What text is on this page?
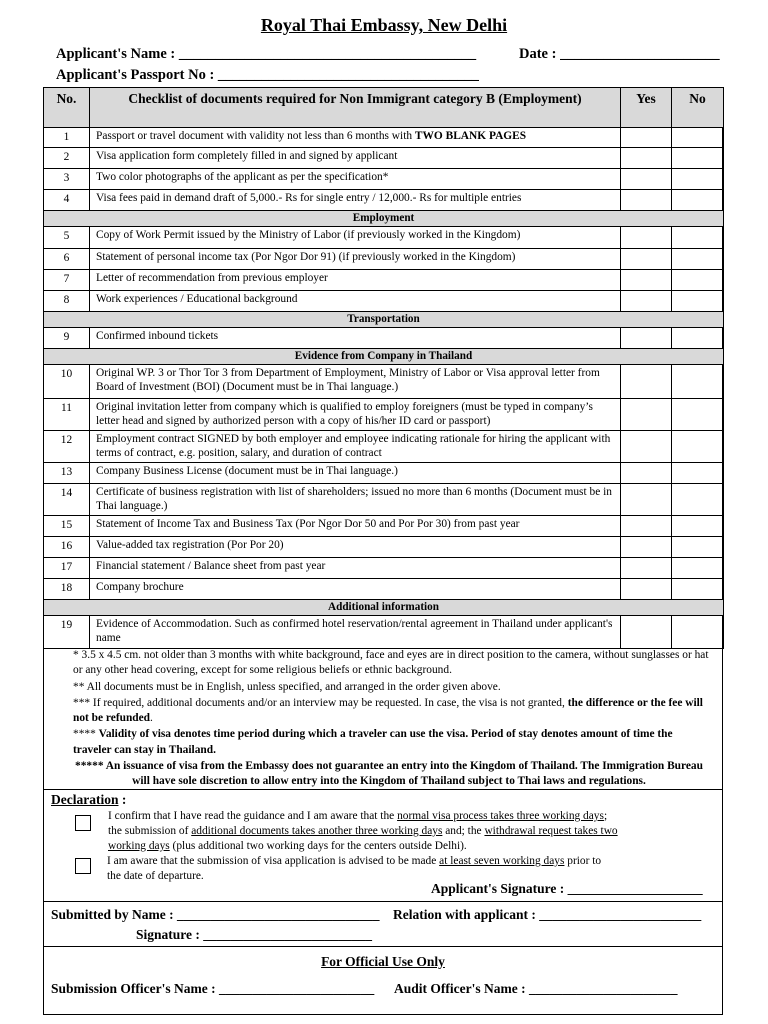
Royal Thai Embassy, New Delhi
Applicant's Name : _________________________________________	Date : ______________________
Applicant's Passport No : ____________________________________
No.	Checklist of documents required for Non Immigrant category B (Employment)	Yes	No
1	Passport or travel document with validity not less than 6 months with TWO BLANK PAGES		
2	Visa application form completely filled in and signed by applicant		
3	Two color photographs of the applicant as per the specification*		
4	Visa fees paid in demand draft of 5,000.- Rs for single entry / 12,000.- Rs for multiple entries		
Employment			
5	Copy of Work Permit issued by the Ministry of Labor (if previously worked in the Kingdom)		
6	Statement of personal income tax (Por Ngor Dor 91) (if previously worked in the Kingdom)		
7	Letter of recommendation from previous employer		
8	Work experiences / Educational background		
Transportation			
9	Confirmed inbound tickets		
Evidence from Company in Thailand			
10	Original WP. 3 or Thor Tor 3 from Department of Employment, Ministry of Labor or Visa approval letter from Board of Investment (BOI) (Document must be in Thai language.)		
11	Original invitation letter from company which is qualified to employ foreigners (must be typed in company’s letter head and signed by authorized person with a copy of his/her ID card or passport)		
12	Employment contract SIGNED by both employer and employee indicating rationale for hiring the applicant with terms of contract, e.g. position, salary, and duration of contract		
13	Company Business License (document must be in Thai language.)		
14	Certificate of business registration with list of shareholders; issued no more than 6 months (Document must be in Thai language.)		
15	Statement of Income Tax and Business Tax (Por Ngor Dor 50 and Por Por 30) from past year		
16	Value-added tax registration (Por Por 20)		
17	Financial statement / Balance sheet from past year		
18	Company brochure		
Additional information			
19	Evidence of Accommodation. Such as confirmed hotel reservation/rental agreement in Thailand under applicant's name		

* 3.5 x 4.5 cm. not older than 3 months with white background, face and eyes are in direct position to the camera, without sunglasses or hat or any other head covering, except for some religious beliefs or ethnic background.

** All documents must be in English, unless specified, and arranged in the order given above.

*** If required, additional documents and/or an interview may be requested. In case, the visa is not granted, the difference or the fee will not be refunded.

**** Validity of visa denotes time period during which a traveler can use the visa. Period of stay denotes amount of time the traveler can stay in Thailand.

***** An issuance of visa from the Embassy does not guarantee an entry into the Kingdom of Thailand. The Immigration Bureau will have sole discretion to allow entry into the Kingdom of Thailand subject to Thai laws and regulations.

Declaration :
I confirm that I have read the guidance and I am aware that the normal visa process takes three working days;
the submission of additional documents takes another three working days and; the withdrawal request takes two
working days (plus additional two working days for the centers outside Delhi).
I am aware that the submission of visa application is advised to be made at least seven working days prior to
the date of departure.
Applicant's Signature : ____________________
Submitted by Name : ______________________________ Relation with applicant : ________________________
Signature : _________________________
For Official Use Only
Submission Officer's Name : _______________________ Audit Officer's Name : ______________________
